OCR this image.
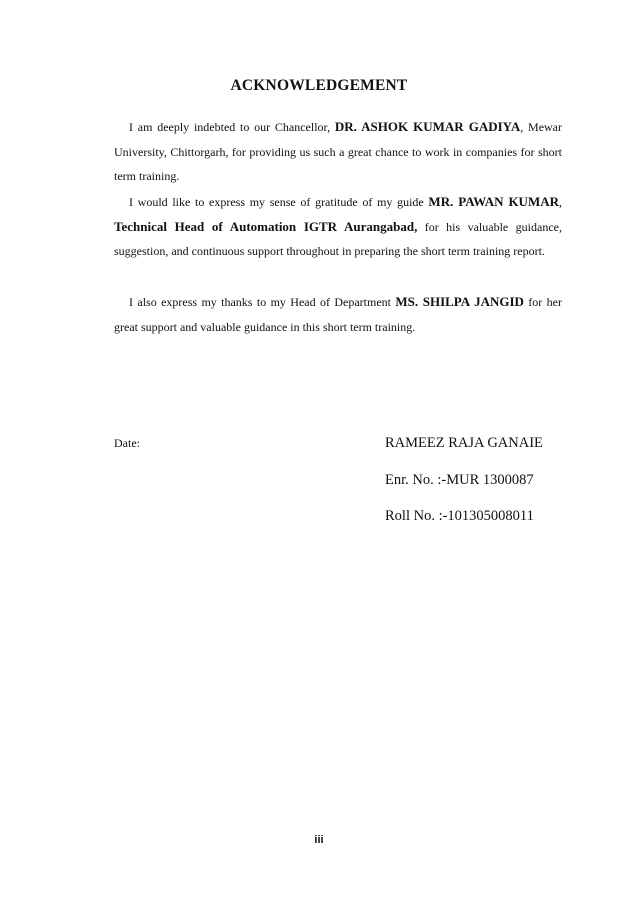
ACKNOWLEDGEMENT

I am deeply indebted to our Chancellor, DR. ASHOK KUMAR GADIYA, Mewar University, Chittorgarh, for providing us such a great chance to work in companies for short term training.

I would like to express my sense of gratitude of my guide MR. PAWAN KUMAR, Technical Head of Automation IGTR Aurangabad, for his valuable guidance, suggestion, and continuous support throughout in preparing the short term training report.

I also express my thanks to my Head of Department MS. SHILPA JANGID for her great support and valuable guidance in this short term training.

Date:	RAMEEZ RAJA GANAIE
Enr. No. :-MUR 1300087
Roll No. :-101305008011
iii
